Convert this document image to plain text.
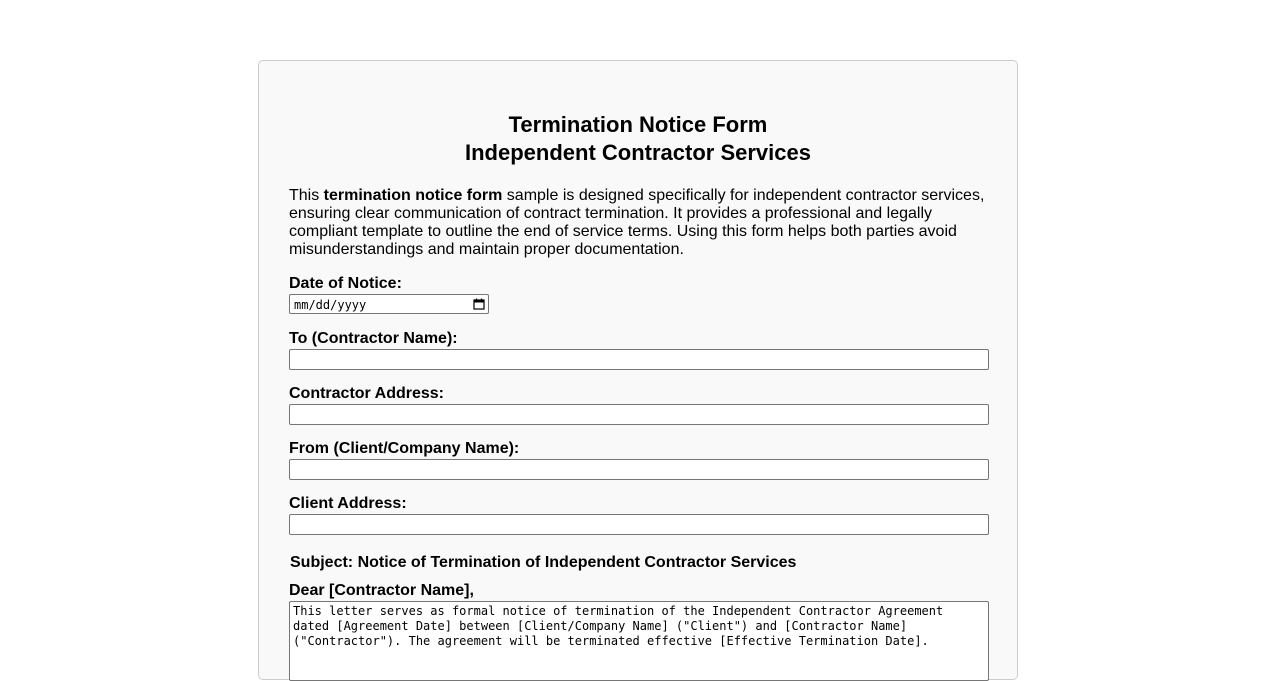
Termination Notice Form
Independent Contractor Services

This termination notice form sample is designed specifically for independent contractor services, ensuring clear communication of contract termination. It provides a professional and legally compliant template to outline the end of service terms. Using this form helps both parties avoid misunderstandings and maintain proper documentation.

Date of Notice:
mm/dd/yyyy
To (Contractor Name):
Contractor Address:
From (Client/Company Name):
Client Address:
Subject: Notice of Termination of Independent Contractor Services
Dear [Contractor Name],
This letter serves as formal notice of termination of the Independent Contractor Agreement
dated [Agreement Date] between [Client/Company Name] ("Client") and [Contractor Name]
("Contractor"). The agreement will be terminated effective [Effective Termination Date].
